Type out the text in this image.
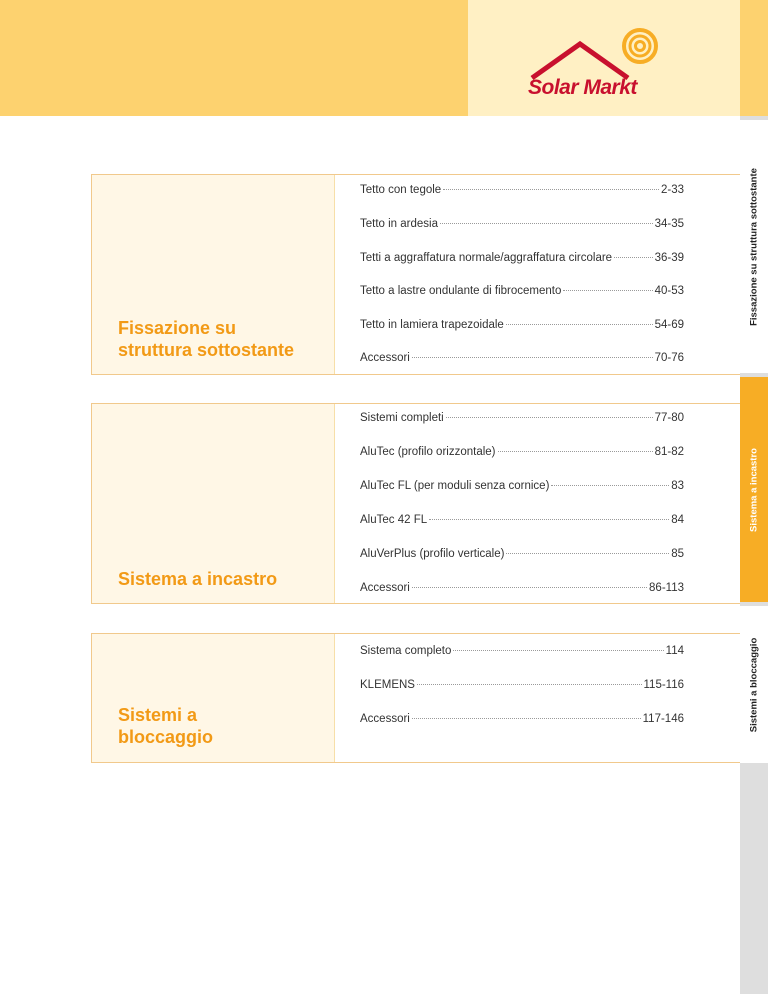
Solar Markt
Fissazione su struttura sottostante
Sistema a incastro
Sistemi a bloccaggio
Fissazione su
struttura sottostante
Tetto con tegole	2-33
Tetto in ardesia	34-35
Tetti a aggraffatura normale/aggraffatura circolare	36-39
Tetto a lastre ondulante di fibrocemento	40-53
Tetto in lamiera trapezoidale	54-69
Accessori	70-76
Sistema a incastro
Sistemi completi	77-80
AluTec (profilo orizzontale)	81-82
AluTec FL (per moduli senza cornice)	83
AluTec 42 FL	84
AluVerPlus (profilo verticale)	85
Accessori	86-113
Sistemi a
bloccaggio
Sistema completo	114
KLEMENS	115-116
Accessori	117-146
